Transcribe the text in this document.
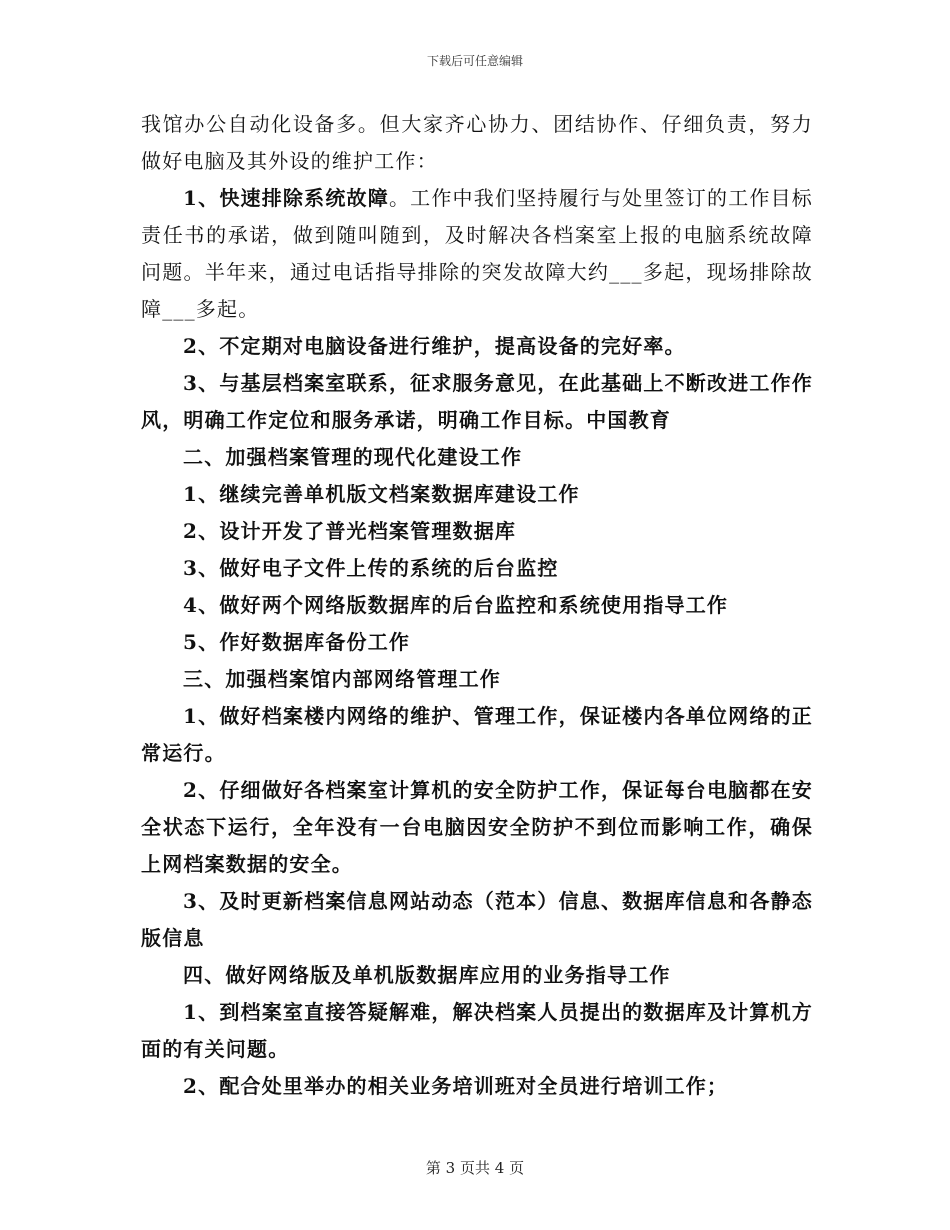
下载后可任意编辑

我馆办公自动化设备多。但大家齐心协力、团结协作、仔细负责，努力做好电脑及其外设的维护工作：

1、快速排除系统故障。工作中我们坚持履行与处里签订的工作目标责任书的承诺，做到随叫随到，及时解决各档案室上报的电脑系统故障问题。半年来，通过电话指导排除的突发故障大约___多起，现场排除故障___多起。

2、不定期对电脑设备进行维护，提高设备的完好率。

3、与基层档案室联系，征求服务意见，在此基础上不断改进工作作风，明确工作定位和服务承诺，明确工作目标。中国教育

二、加强档案管理的现代化建设工作

1、继续完善单机版文档案数据库建设工作

2、设计开发了普光档案管理数据库

3、做好电子文件上传的系统的后台监控

4、做好两个网络版数据库的后台监控和系统使用指导工作

5、作好数据库备份工作

三、加强档案馆内部网络管理工作

1、做好档案楼内网络的维护、管理工作，保证楼内各单位网络的正常运行。

2、仔细做好各档案室计算机的安全防护工作，保证每台电脑都在安全状态下运行，全年没有一台电脑因安全防护不到位而影响工作，确保上网档案数据的安全。

3、及时更新档案信息网站动态（范本）信息、数据库信息和各静态版信息

四、做好网络版及单机版数据库应用的业务指导工作

1、到档案室直接答疑解难，解决档案人员提出的数据库及计算机方面的有关问题。

2、配合处里举办的相关业务培训班对全员进行培训工作；

第 3 页共 4 页
